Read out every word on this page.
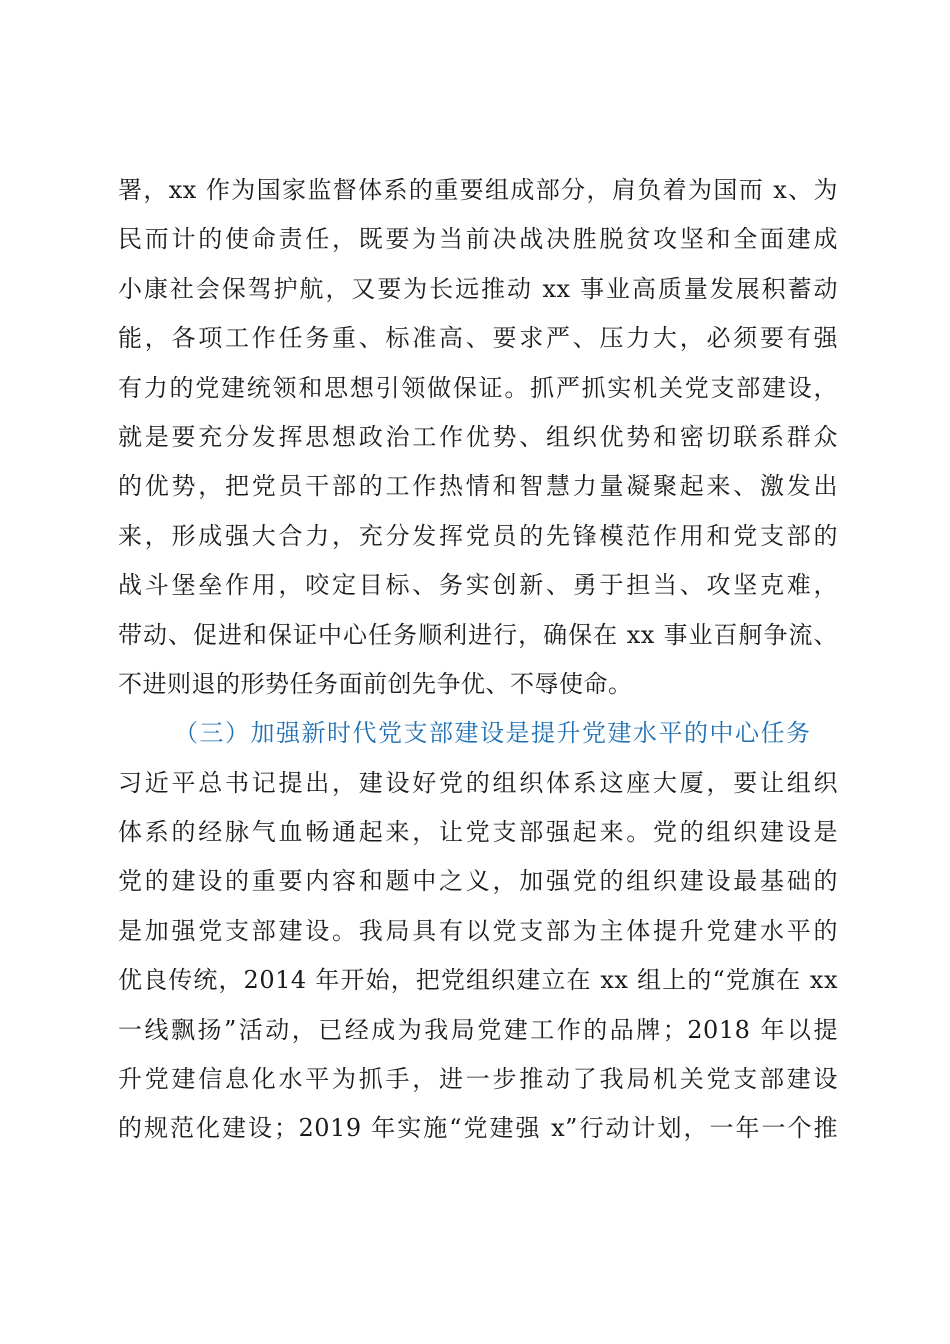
署，xx 作为国家监督体系的重要组成部分，肩负着为国而 x、为
民而计的使命责任，既要为当前决战决胜脱贫攻坚和全面建成
小康社会保驾护航，又要为长远推动 xx 事业高质量发展积蓄动
能，各项工作任务重、标准高、要求严、压力大，必须要有强
有力的党建统领和思想引领做保证。抓严抓实机关党支部建设，
就是要充分发挥思想政治工作优势、组织优势和密切联系群众
的优势，把党员干部的工作热情和智慧力量凝聚起来、激发出
来，形成强大合力，充分发挥党员的先锋模范作用和党支部的
战斗堡垒作用，咬定目标、务实创新、勇于担当、攻坚克难，
带动、促进和保证中心任务顺利进行，确保在 xx 事业百舸争流、
不进则退的形势任务面前创先争优、不辱使命。
（三）加强新时代党支部建设是提升党建水平的中心任务
习近平总书记提出，建设好党的组织体系这座大厦，要让组织
体系的经脉气血畅通起来，让党支部强起来。党的组织建设是
党的建设的重要内容和题中之义，加强党的组织建设最基础的
是加强党支部建设。我局具有以党支部为主体提升党建水平的
优良传统，2014 年开始，把党组织建立在 xx 组上的“党旗在 xx
一线飘扬”活动，已经成为我局党建工作的品牌；2018 年以提
升党建信息化水平为抓手，进一步推动了我局机关党支部建设
的规范化建设；2019 年实施“党建强 x”行动计划，一年一个推
